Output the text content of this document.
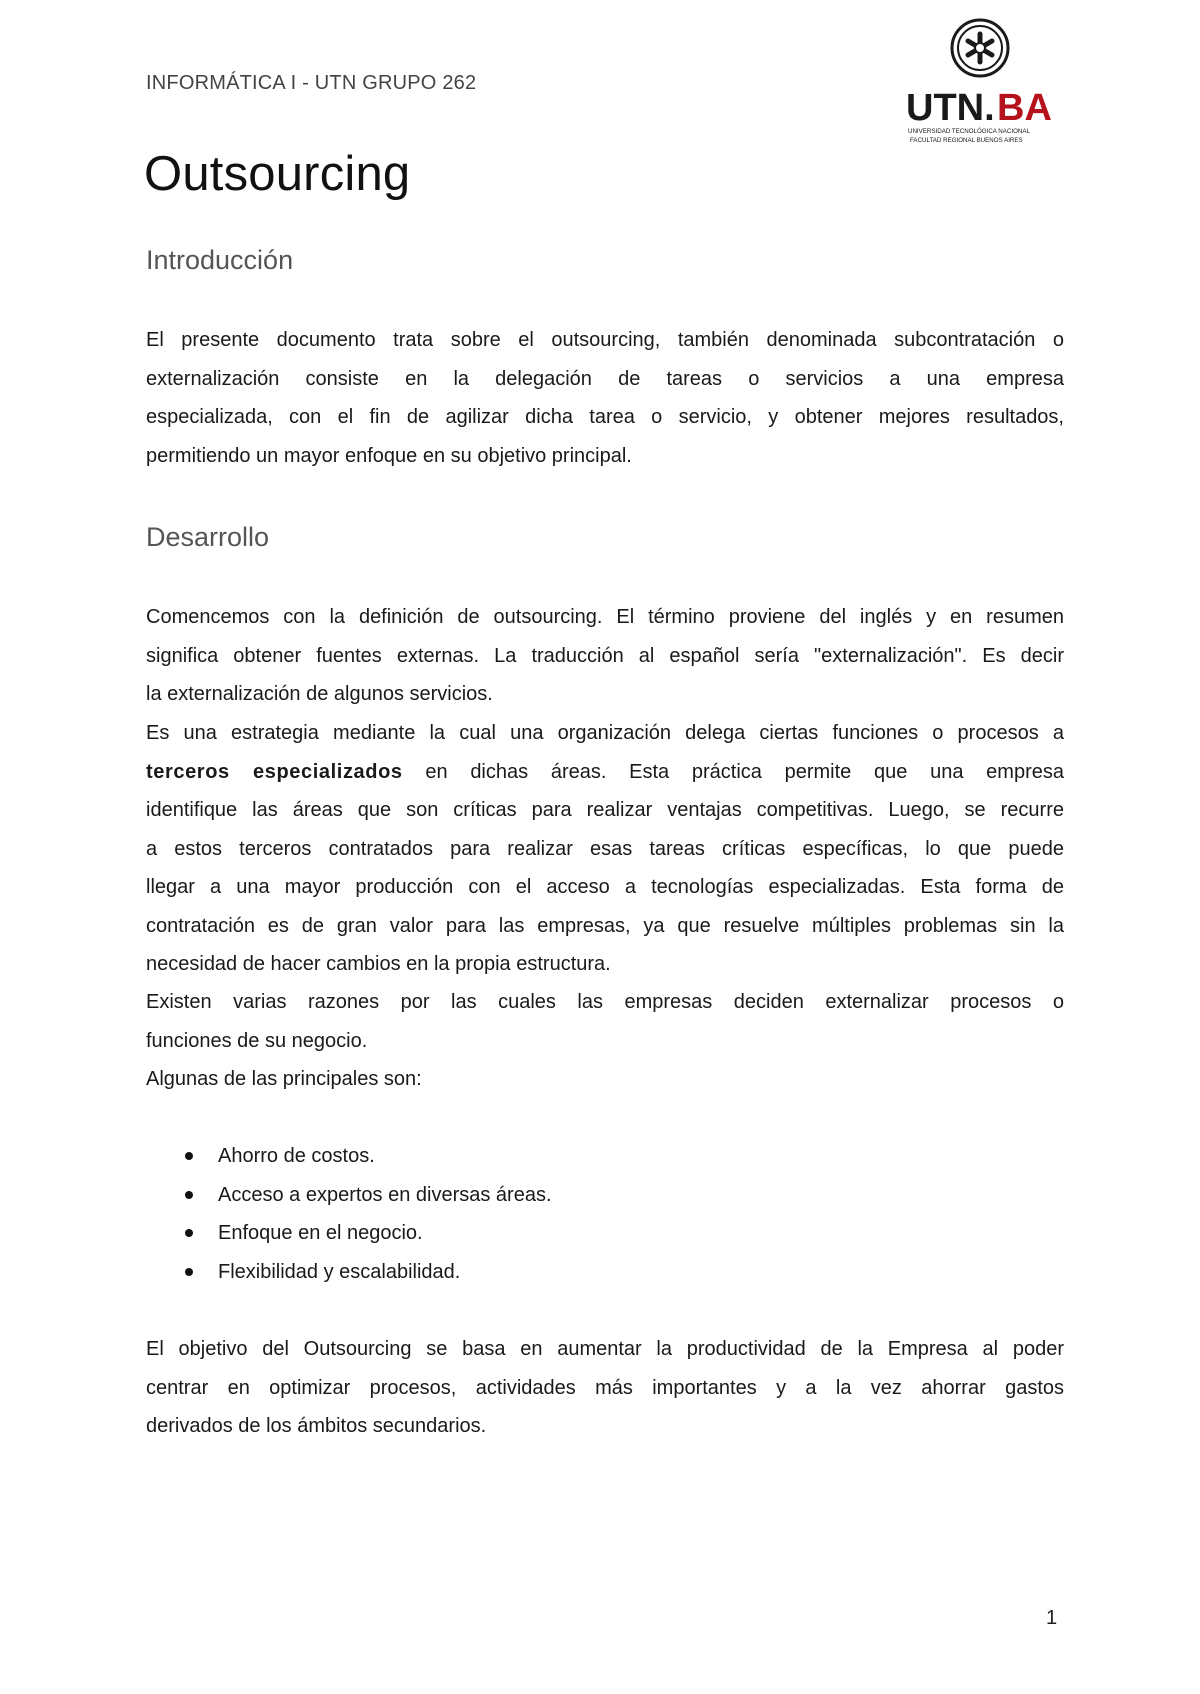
INFORMÁTICA I - UTN GRUPO 262
UTN. BA
UNIVERSIDAD TECNOLÓGICA NACIONAL
FACULTAD REGIONAL BUENOS AIRES
Outsourcing
Introducción

El presente documento trata sobre el outsourcing, también denominada subcontratación o
externalización consiste en la delegación de tareas o servicios a una empresa
especializada, con el fin de agilizar dicha tarea o servicio, y obtener mejores resultados,
permitiendo un mayor enfoque en su objetivo principal.

Desarrollo

Comencemos con la definición de outsourcing. El término proviene del inglés y en resumen
significa obtener fuentes externas. La traducción al español sería "externalización". Es decir
la externalización de algunos servicios.

Es una estrategia mediante la cual una organización delega ciertas funciones o procesos a
terceros especializados en dichas áreas. Esta práctica permite que una empresa
identifique las áreas que son críticas para realizar ventajas competitivas. Luego, se recurre
a estos terceros contratados para realizar esas tareas críticas específicas, lo que puede
llegar a una mayor producción con el acceso a tecnologías especializadas. Esta forma de
contratación es de gran valor para las empresas, ya que resuelve múltiples problemas sin la
necesidad de hacer cambios en la propia estructura.

Existen varias razones por las cuales las empresas deciden externalizar procesos o
funciones de su negocio.

Algunas de las principales son:

Ahorro de costos.
Acceso a expertos en diversas áreas.
Enfoque en el negocio.
Flexibilidad y escalabilidad.

El objetivo del Outsourcing se basa en aumentar la productividad de la Empresa al poder
centrar en optimizar procesos, actividades más importantes y a la vez ahorrar gastos
derivados de los ámbitos secundarios.

1
